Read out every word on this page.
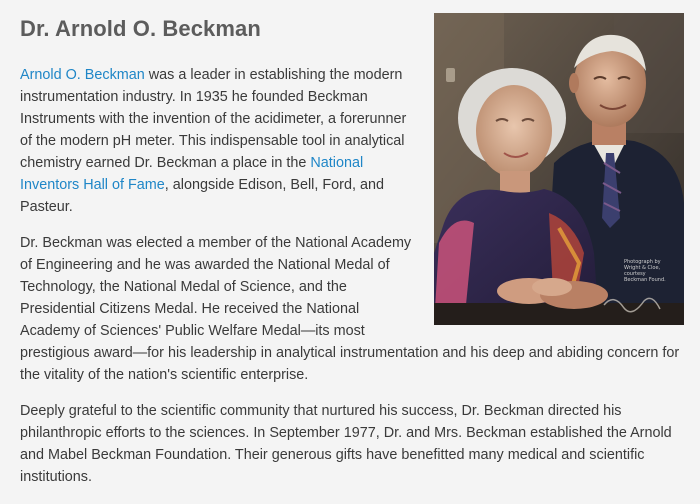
Dr. Arnold O. Beckman
Photograph by Wright & Cloe, courtesy Beckman Found.

Arnold O. Beckman was a leader in establishing the modern instrumentation industry. In 1935 he founded Beckman Instruments with the invention of the acidimeter, a forerunner of the modern pH meter. This indispensable tool in analytical chemistry earned Dr. Beckman a place in the National Inventors Hall of Fame, alongside Edison, Bell, Ford, and Pasteur.

Dr. Beckman was elected a member of the National Academy of Engineering and he was awarded the National Medal of Technology, the National Medal of Science, and the Presidential Citizens Medal. He received the National Academy of Sciences' Public Welfare Medal—its most prestigious award—for his leadership in analytical instrumentation and his deep and abiding concern for the vitality of the nation's scientific enterprise.

Deeply grateful to the scientific community that nurtured his success, Dr. Beckman directed his philanthropic efforts to the sciences. In September 1977, Dr. and Mrs. Beckman established the Arnold and Mabel Beckman Foundation. Their generous gifts have benefitted many medical and scientific institutions.
